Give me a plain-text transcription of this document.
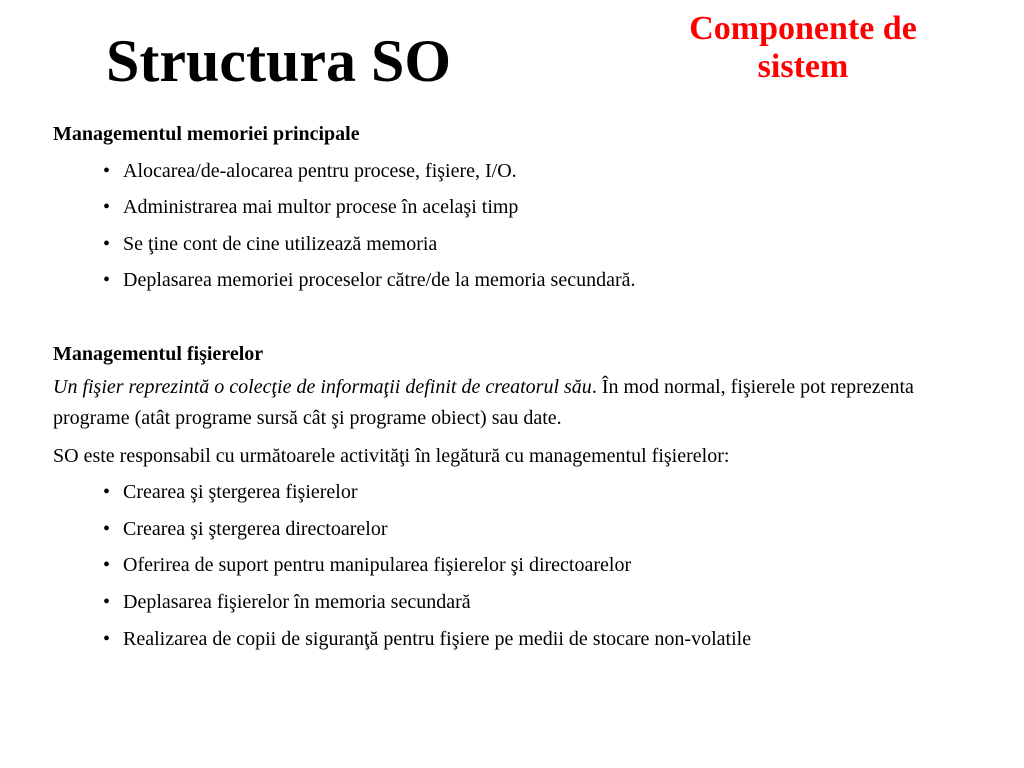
Structura SO	Componente de sistem
Managementul memoriei principale
• Alocarea/de-alocarea pentru procese, fişiere, I/O.
• Administrarea mai multor procese în acelaşi timp
• Se ţine cont de cine utilizează memoria
• Deplasarea memoriei proceselor către/de la memoria secundară.
Managementul fişierelor
Un fişier reprezintă o colecţie de informaţii definit de creatorul său. În mod normal, fişierele pot reprezenta programe (atât programe sursă cât şi programe obiect) sau date.
SO este responsabil cu următoarele activităţi în legătură cu managementul fişierelor:
• Crearea şi ştergerea fişierelor
• Crearea şi ştergerea directoarelor
• Oferirea de suport pentru manipularea fişierelor şi directoarelor
• Deplasarea fişierelor în memoria secundară
• Realizarea de copii de siguranţă pentru fişiere pe medii de stocare non-volatile
